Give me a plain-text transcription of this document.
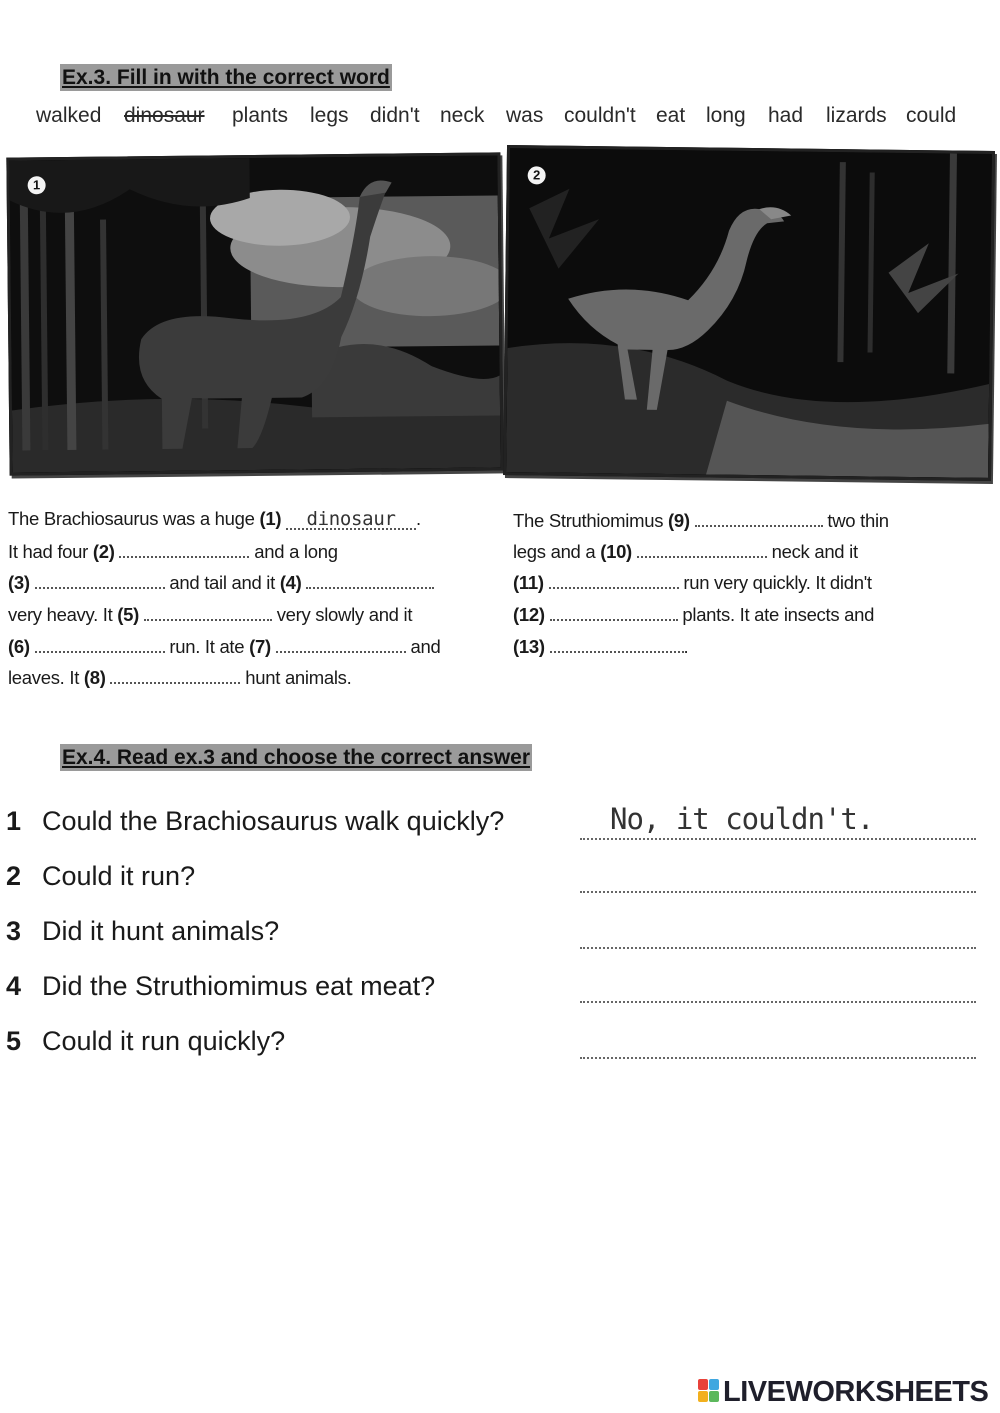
Ex.3. Fill in with the correct word
walked dinosaur plants legs didn't neck was couldn't eat long had lizards could
1
2
The Brachiosaurus was a huge (1) dinosaur .
It had four (2)	and a long
(3)	and tail and it (4)
very heavy. It (5)	very slowly and it
(6)	run. It ate (7)	and
leaves. It (8)	hunt animals.
The Struthiomimus (9)	two thin
legs and a (10)	neck and it
(11)	run very quickly. It didn't
(12)	plants. It ate insects and
(13)	.
Ex.4. Read ex.3 and choose the correct answer
1 Could the Brachiosaurus walk quickly?	No, it couldn't.
2 Could it run?
3 Did it hunt animals?
4 Did the Struthiomimus eat meat?
5 Could it run quickly?
LIVEWORKSHEETS
